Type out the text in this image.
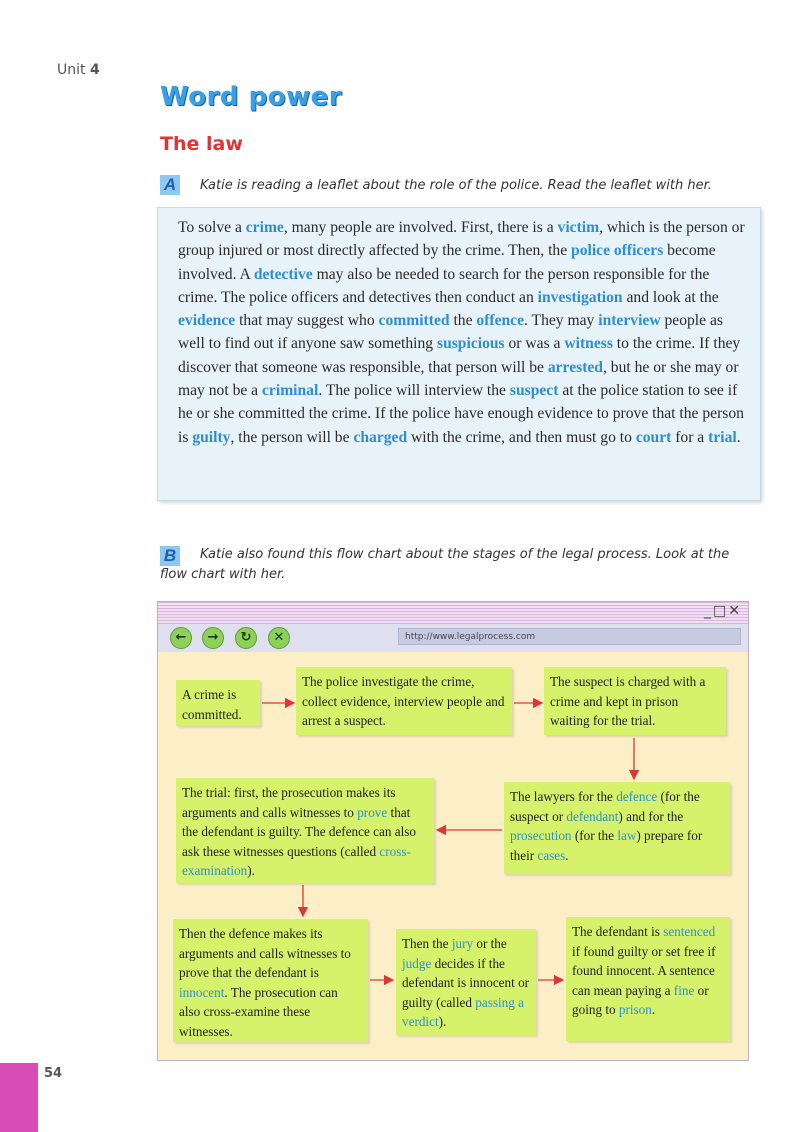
Unit 4
Word power
The law
A Katie is reading a leaflet about the role of the police. Read the leaflet with her.
To solve a crime, many people are involved. First, there is a victim, which is the person or group injured or most directly affected by the crime. Then, the police officers become involved. A detective may also be needed to search for the person responsible for the crime. The police officers and detectives then conduct an investigation and look at the evidence that may suggest who committed the offence. They may interview people as well to find out if anyone saw something suspicious or was a witness to the crime. If they discover that someone was responsible, that person will be arrested, but he or she may or may not be a criminal. The police will interview the suspect at the police station to see if he or she committed the crime. If the police have enough evidence to prove that the person is guilty, the person will be charged with the crime, and then must go to court for a trial.
B	Katie also found this flow chart about the stages of the legal process. Look at the flow chart with her.
_□✕
←	→	↻	✕	http://www.legalprocess.com
A crime is committed.
The police investigate the crime, collect evidence, interview people and arrest a suspect.
The suspect is charged with a crime and kept in prison waiting for the trial.
The lawyers for the defence (for the suspect or defendant) and for the prosecution (for the law) prepare for their cases.
The trial: first, the prosecution makes its arguments and calls witnesses to prove that the defendant is guilty. The defence can also ask these witnesses questions (called cross-examination).
Then the defence makes its arguments and calls witnesses to prove that the defendant is innocent. The prosecution can also cross-examine these witnesses.
Then the jury or the judge decides if the defendant is innocent or guilty (called passing a verdict).
The defendant is sentenced if found guilty or set free if found innocent. A sentence can mean paying a fine or going to prison.
54
